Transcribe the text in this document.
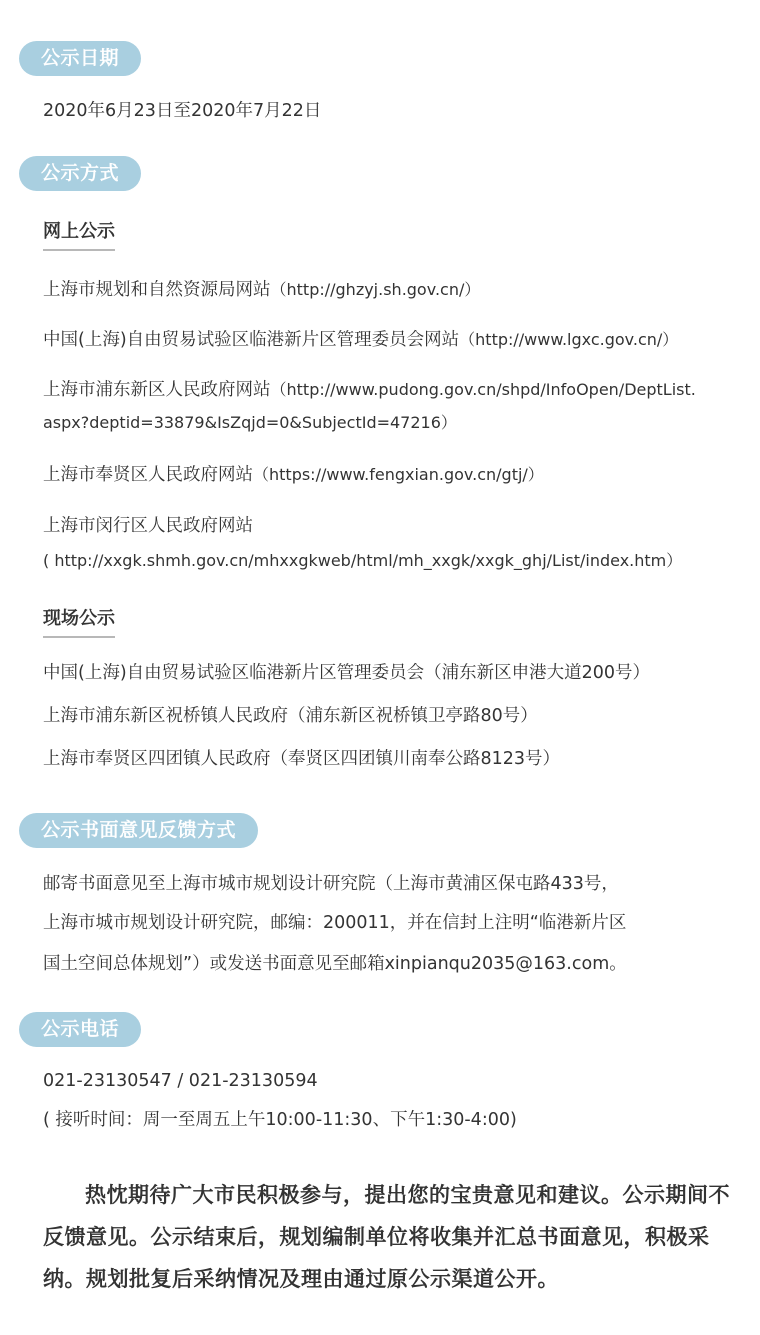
公示日期
2020年6月23日至2020年7月22日
公示方式
网上公示
上海市规划和自然资源局网站（http://ghzyj.sh.gov.cn/）
中国(上海)自由贸易试验区临港新片区管理委员会网站（http://www.lgxc.gov.cn/）
上海市浦东新区人民政府网站（http://www.pudong.gov.cn/shpd/InfoOpen/DeptList.
aspx?deptid=33879&IsZqjd=0&SubjectId=47216）
上海市奉贤区人民政府网站（https://www.fengxian.gov.cn/gtj/）
上海市闵行区人民政府网站
( http://xxgk.shmh.gov.cn/mhxxgkweb/html/mh_xxgk/xxgk_ghj/List/index.htm）
现场公示
中国(上海)自由贸易试验区临港新片区管理委员会（浦东新区申港大道200号）
上海市浦东新区祝桥镇人民政府（浦东新区祝桥镇卫亭路80号）
上海市奉贤区四团镇人民政府（奉贤区四团镇川南奉公路8123号）
公示书面意见反馈方式
邮寄书面意见至上海市城市规划设计研究院（上海市黄浦区保屯路433号，
上海市城市规划设计研究院，邮编：200011，并在信封上注明“临港新片区
国土空间总体规划”）或发送书面意见至邮箱xinpianqu2035@163.com。
公示电话
021-23130547 / 021-23130594
( 接听时间：周一至周五上午10:00-11:30、下午1:30-4:00)
热忱期待广大市民积极参与，提出您的宝贵意见和建议。公示期间不反馈意见。公示结束后，规划编制单位将收集并汇总书面意见，积极采纳。规划批复后采纳情况及理由通过原公示渠道公开。
